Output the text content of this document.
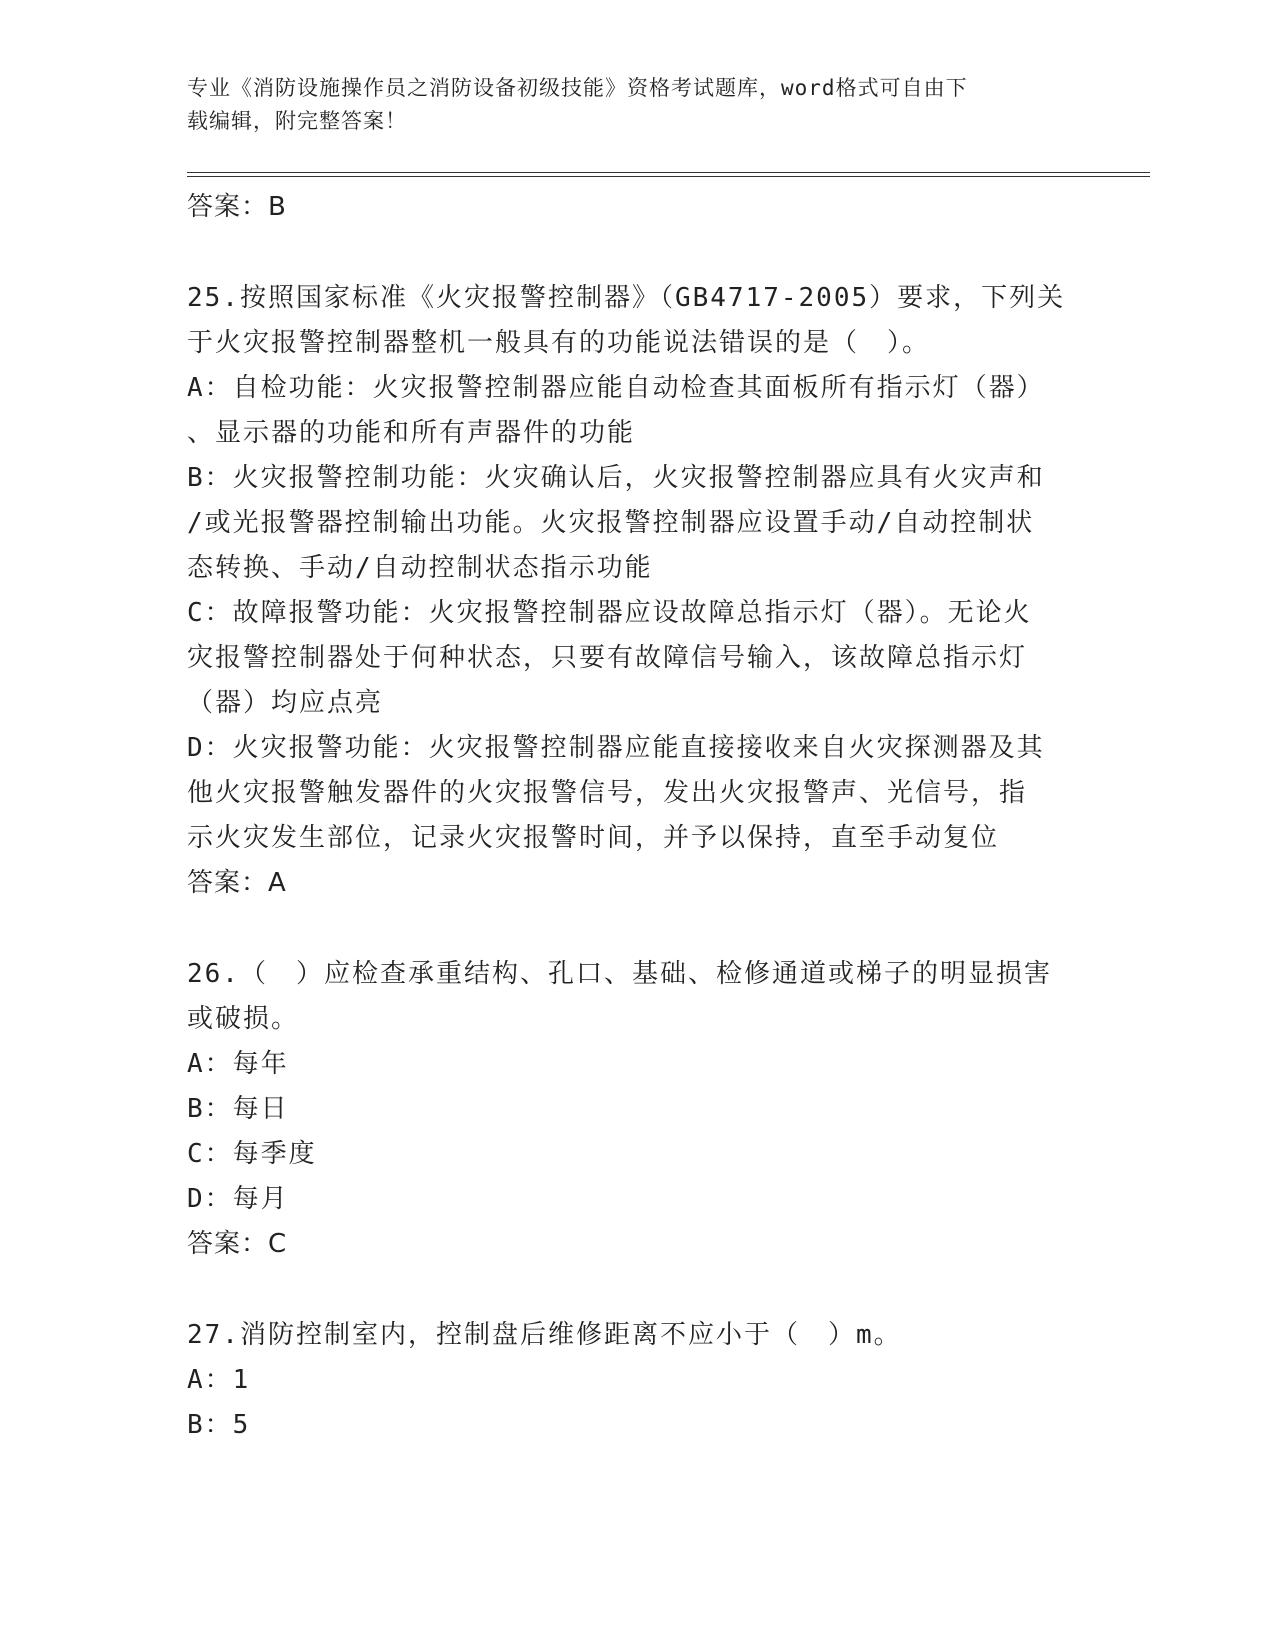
专业《消防设施操作员之消防设备初级技能》资格考试题库，word格式可自由下
载编辑，附完整答案！
答案：B
25.按照国家标准《火灾报警控制器》（GB4717-2005）要求，下列关
于火灾报警控制器整机一般具有的功能说法错误的是（　）。
A：自检功能：火灾报警控制器应能自动检查其面板所有指示灯（器）
、显示器的功能和所有声器件的功能
B：火灾报警控制功能：火灾确认后，火灾报警控制器应具有火灾声和
/或光报警器控制输出功能。火灾报警控制器应设置手动/自动控制状
态转换、手动/自动控制状态指示功能
C：故障报警功能：火灾报警控制器应设故障总指示灯（器）。无论火
灾报警控制器处于何种状态，只要有故障信号输入，该故障总指示灯
（器）均应点亮
D：火灾报警功能：火灾报警控制器应能直接接收来自火灾探测器及其
他火灾报警触发器件的火灾报警信号，发出火灾报警声、光信号，指
示火灾发生部位，记录火灾报警时间，并予以保持，直至手动复位
答案：A
26.（　）应检查承重结构、孔口、基础、检修通道或梯子的明显损害
或破损。
A：每年
B：每日
C：每季度
D：每月
答案：C
27.消防控制室内，控制盘后维修距离不应小于（　）m。
A：1
B：5
